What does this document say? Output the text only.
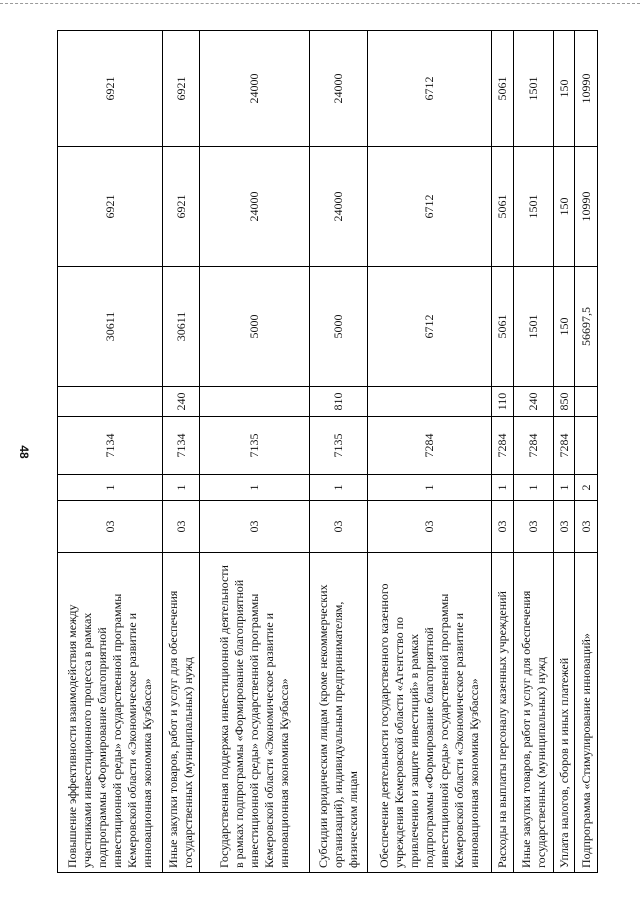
48
Повышение эффективности взаимодействия между участниками инвестиционного процесса в рамках подпрограммы «Формирование благоприятной инвестиционной среды» государственной программы Кемеровской области «Экономическое развитие и инновационная экономика Кузбасса»	03	1	7134		30611	6921	6921
Иные закупки товаров, работ и услуг для обеспечения государственных (муниципальных) нужд	03	1	7134	240	30611	6921	6921
Государственная поддержка инвестиционной деятельности в рамках подпрограммы «Формирование благоприятной инвестиционной среды» государственной программы Кемеровской области «Экономическое развитие и инновационная экономика Кузбасса»	03	1	7135		5000	24000	24000
Субсидии юридическим лицам (кроме некоммерческих организаций), индивидуальным предпринимателям, физическим лицам	03	1	7135	810	5000	24000	24000
Обеспечение деятельности государственного казенного учреждения Кемеровской области «Агентство по привлечению и защите инвестиций» в рамках подпрограммы «Формирование благоприятной инвестиционной среды» государственной программы Кемеровской области «Экономическое развитие и инновационная экономика Кузбасса»	03	1	7284		6712	6712	6712
Расходы на выплаты персоналу казенных учреждений	03	1	7284	110	5061	5061	5061
Иные закупки товаров, работ и услуг для обеспечения государственных (муниципальных) нужд	03	1	7284	240	1501	1501	1501
Уплата налогов, сборов и иных платежей	03	1	7284	850	150	150	150
Подпрограмма «Стимулирование инноваций»	03	2			56697,5	10990	10990
